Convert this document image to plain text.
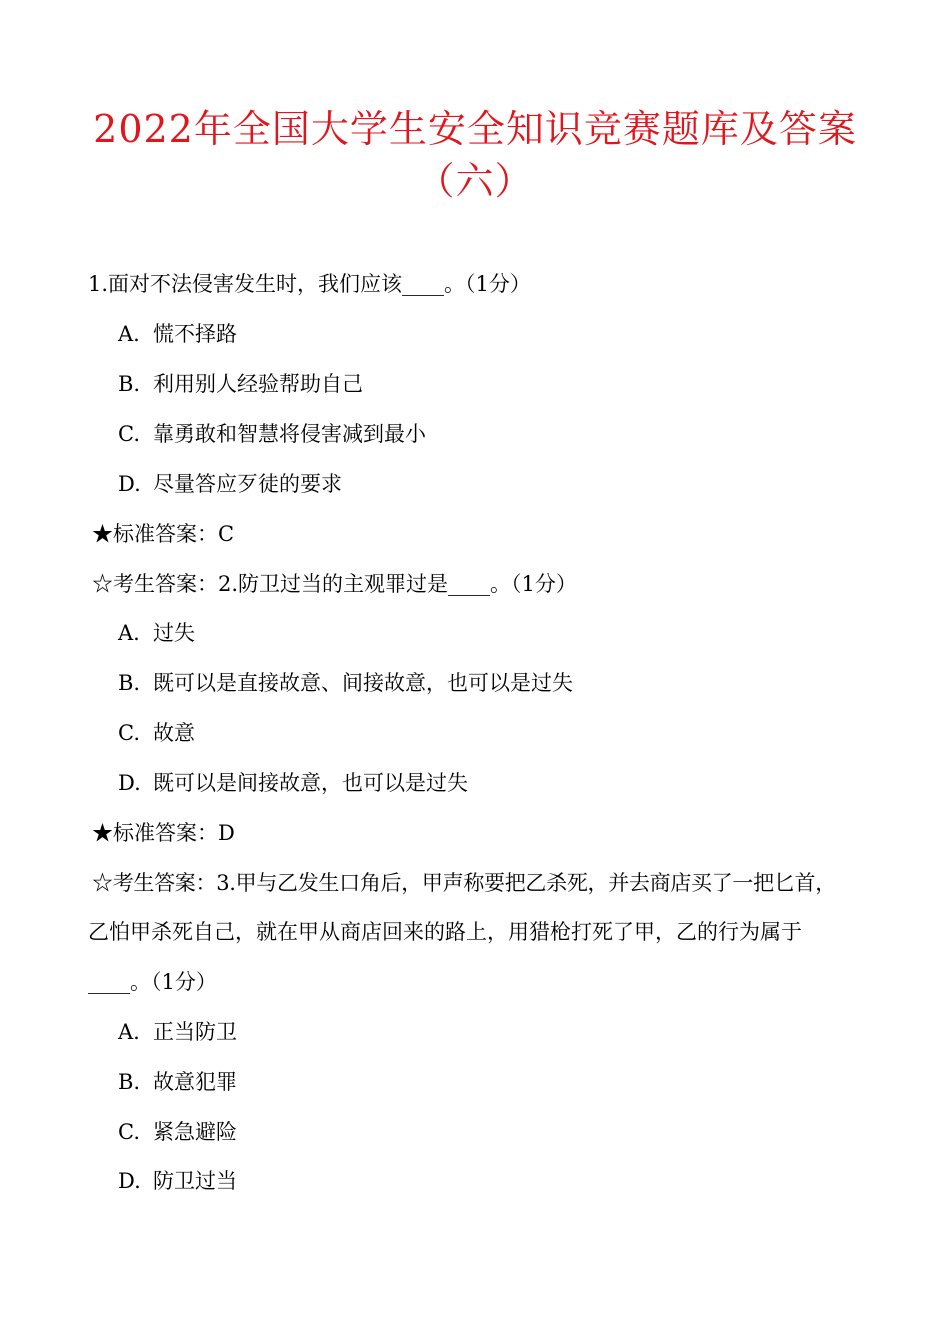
2022年全国大学生安全知识竞赛题库及答案
（六）
1.面对不法侵害发生时，我们应该____。（1分）
A. 慌不择路
B. 利用别人经验帮助自己
C. 靠勇敢和智慧将侵害减到最小
D. 尽量答应歹徒的要求
★标准答案：C
☆考生答案：2.防卫过当的主观罪过是____。（1分）
A. 过失
B. 既可以是直接故意、间接故意，也可以是过失
C. 故意
D. 既可以是间接故意，也可以是过失
★标准答案：D
☆考生答案：3.甲与乙发生口角后，甲声称要把乙杀死，并去商店买了一把匕首，
乙怕甲杀死自己，就在甲从商店回来的路上，用猎枪打死了甲，乙的行为属于
____。（1分）
A. 正当防卫
B. 故意犯罪
C. 紧急避险
D. 防卫过当
